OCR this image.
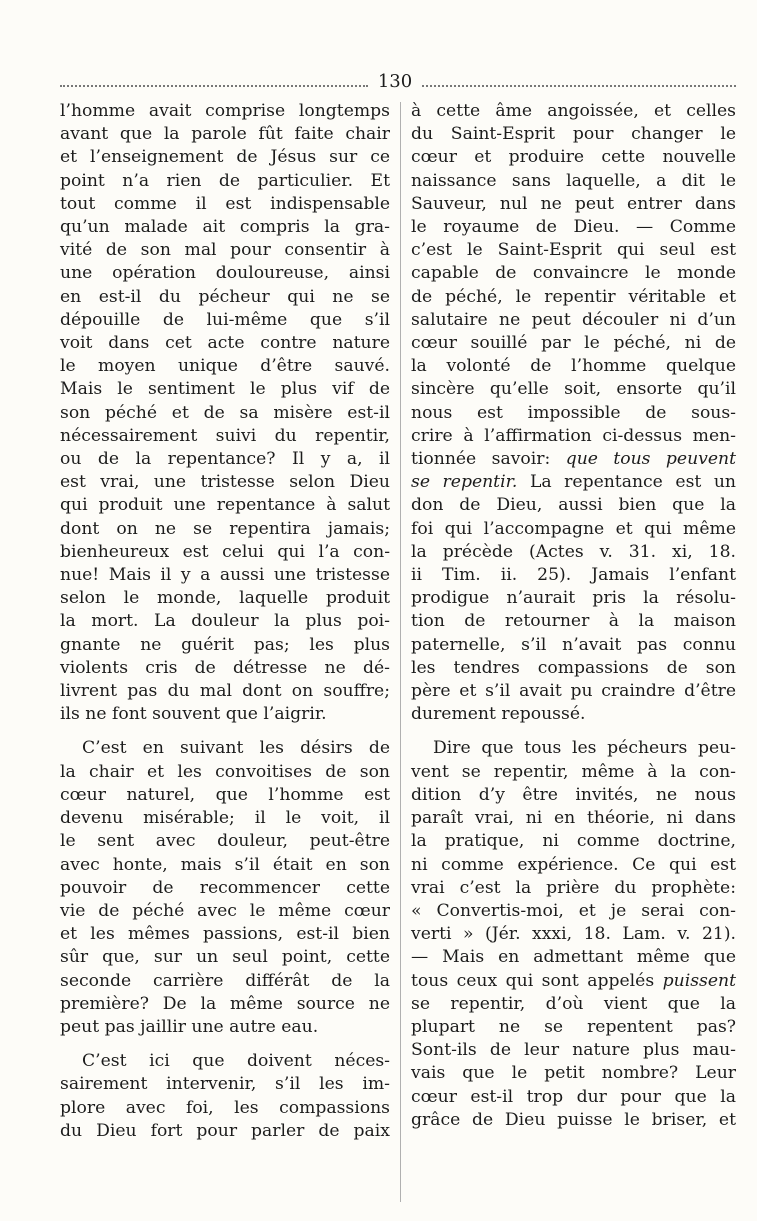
130

l’homme avait comprise longtemps
avant que la parole fût faite chair
et l’enseignement de Jésus sur ce
point n’a rien de particulier. Et
tout comme il est indispensable
qu’un malade ait compris la gra-
vité de son mal pour consentir à
une opération douloureuse, ainsi
en est-il du pécheur qui ne se
dépouille de lui-même que s’il
voit dans cet acte contre nature
le moyen unique d’être sauvé.
Mais le sentiment le plus vif de
son péché et de sa misère est-il
nécessairement suivi du repentir,
ou de la repentance? Il y a, il
est vrai, une tristesse selon Dieu
qui produit une repentance à salut
dont on ne se repentira jamais;
bienheureux est celui qui l’a con-
nue! Mais il y a aussi une tristesse
selon le monde, laquelle produit
la mort. La douleur la plus poi-
gnante ne guérit pas; les plus
violents cris de détresse ne dé-
livrent pas du mal dont on souffre;
ils ne font souvent que l’aigrir.

C’est en suivant les désirs de
la chair et les convoitises de son
cœur naturel, que l’homme est
devenu misérable; il le voit, il
le sent avec douleur, peut-être
avec honte, mais s’il était en son
pouvoir de recommencer cette
vie de péché avec le même cœur
et les mêmes passions, est-il bien
sûr que, sur un seul point, cette
seconde carrière différât de la
première? De la même source ne
peut pas jaillir une autre eau.

C’est ici que doivent néces-
sairement intervenir, s’il les im-
plore avec foi, les compassions
du Dieu fort pour parler de paix

à cette âme angoissée, et celles
du Saint-Esprit pour changer le
cœur et produire cette nouvelle
naissance sans laquelle, a dit le
Sauveur, nul ne peut entrer dans
le royaume de Dieu. — Comme
c’est le Saint-Esprit qui seul est
capable de convaincre le monde
de péché, le repentir véritable et
salutaire ne peut découler ni d’un
cœur souillé par le péché, ni de
la volonté de l’homme quelque
sincère qu’elle soit, ensorte qu’il
nous est impossible de sous-
crire à l’affirmation ci-dessus men-
tionnée savoir: que tous peuvent
se repentir. La repentance est un
don de Dieu, aussi bien que la
foi qui l’accompagne et qui même
la précède (Actes v. 31. xi, 18.
ii Tim. ii. 25). Jamais l’enfant
prodigue n’aurait pris la résolu-
tion de retourner à la maison
paternelle, s’il n’avait pas connu
les tendres compassions de son
père et s’il avait pu craindre d’être
durement repoussé.

Dire que tous les pécheurs peu-
vent se repentir, même à la con-
dition d’y être invités, ne nous
paraît vrai, ni en théorie, ni dans
la pratique, ni comme doctrine,
ni comme expérience. Ce qui est
vrai c’est la prière du prophète:
« Convertis-moi, et je serai con-
verti » (Jér. xxxi, 18. Lam. v. 21).
— Mais en admettant même que
tous ceux qui sont appelés puissent
se repentir, d’où vient que la
plupart ne se repentent pas?
Sont-ils de leur nature plus mau-
vais que le petit nombre? Leur
cœur est-il trop dur pour que la
grâce de Dieu puisse le briser, et
